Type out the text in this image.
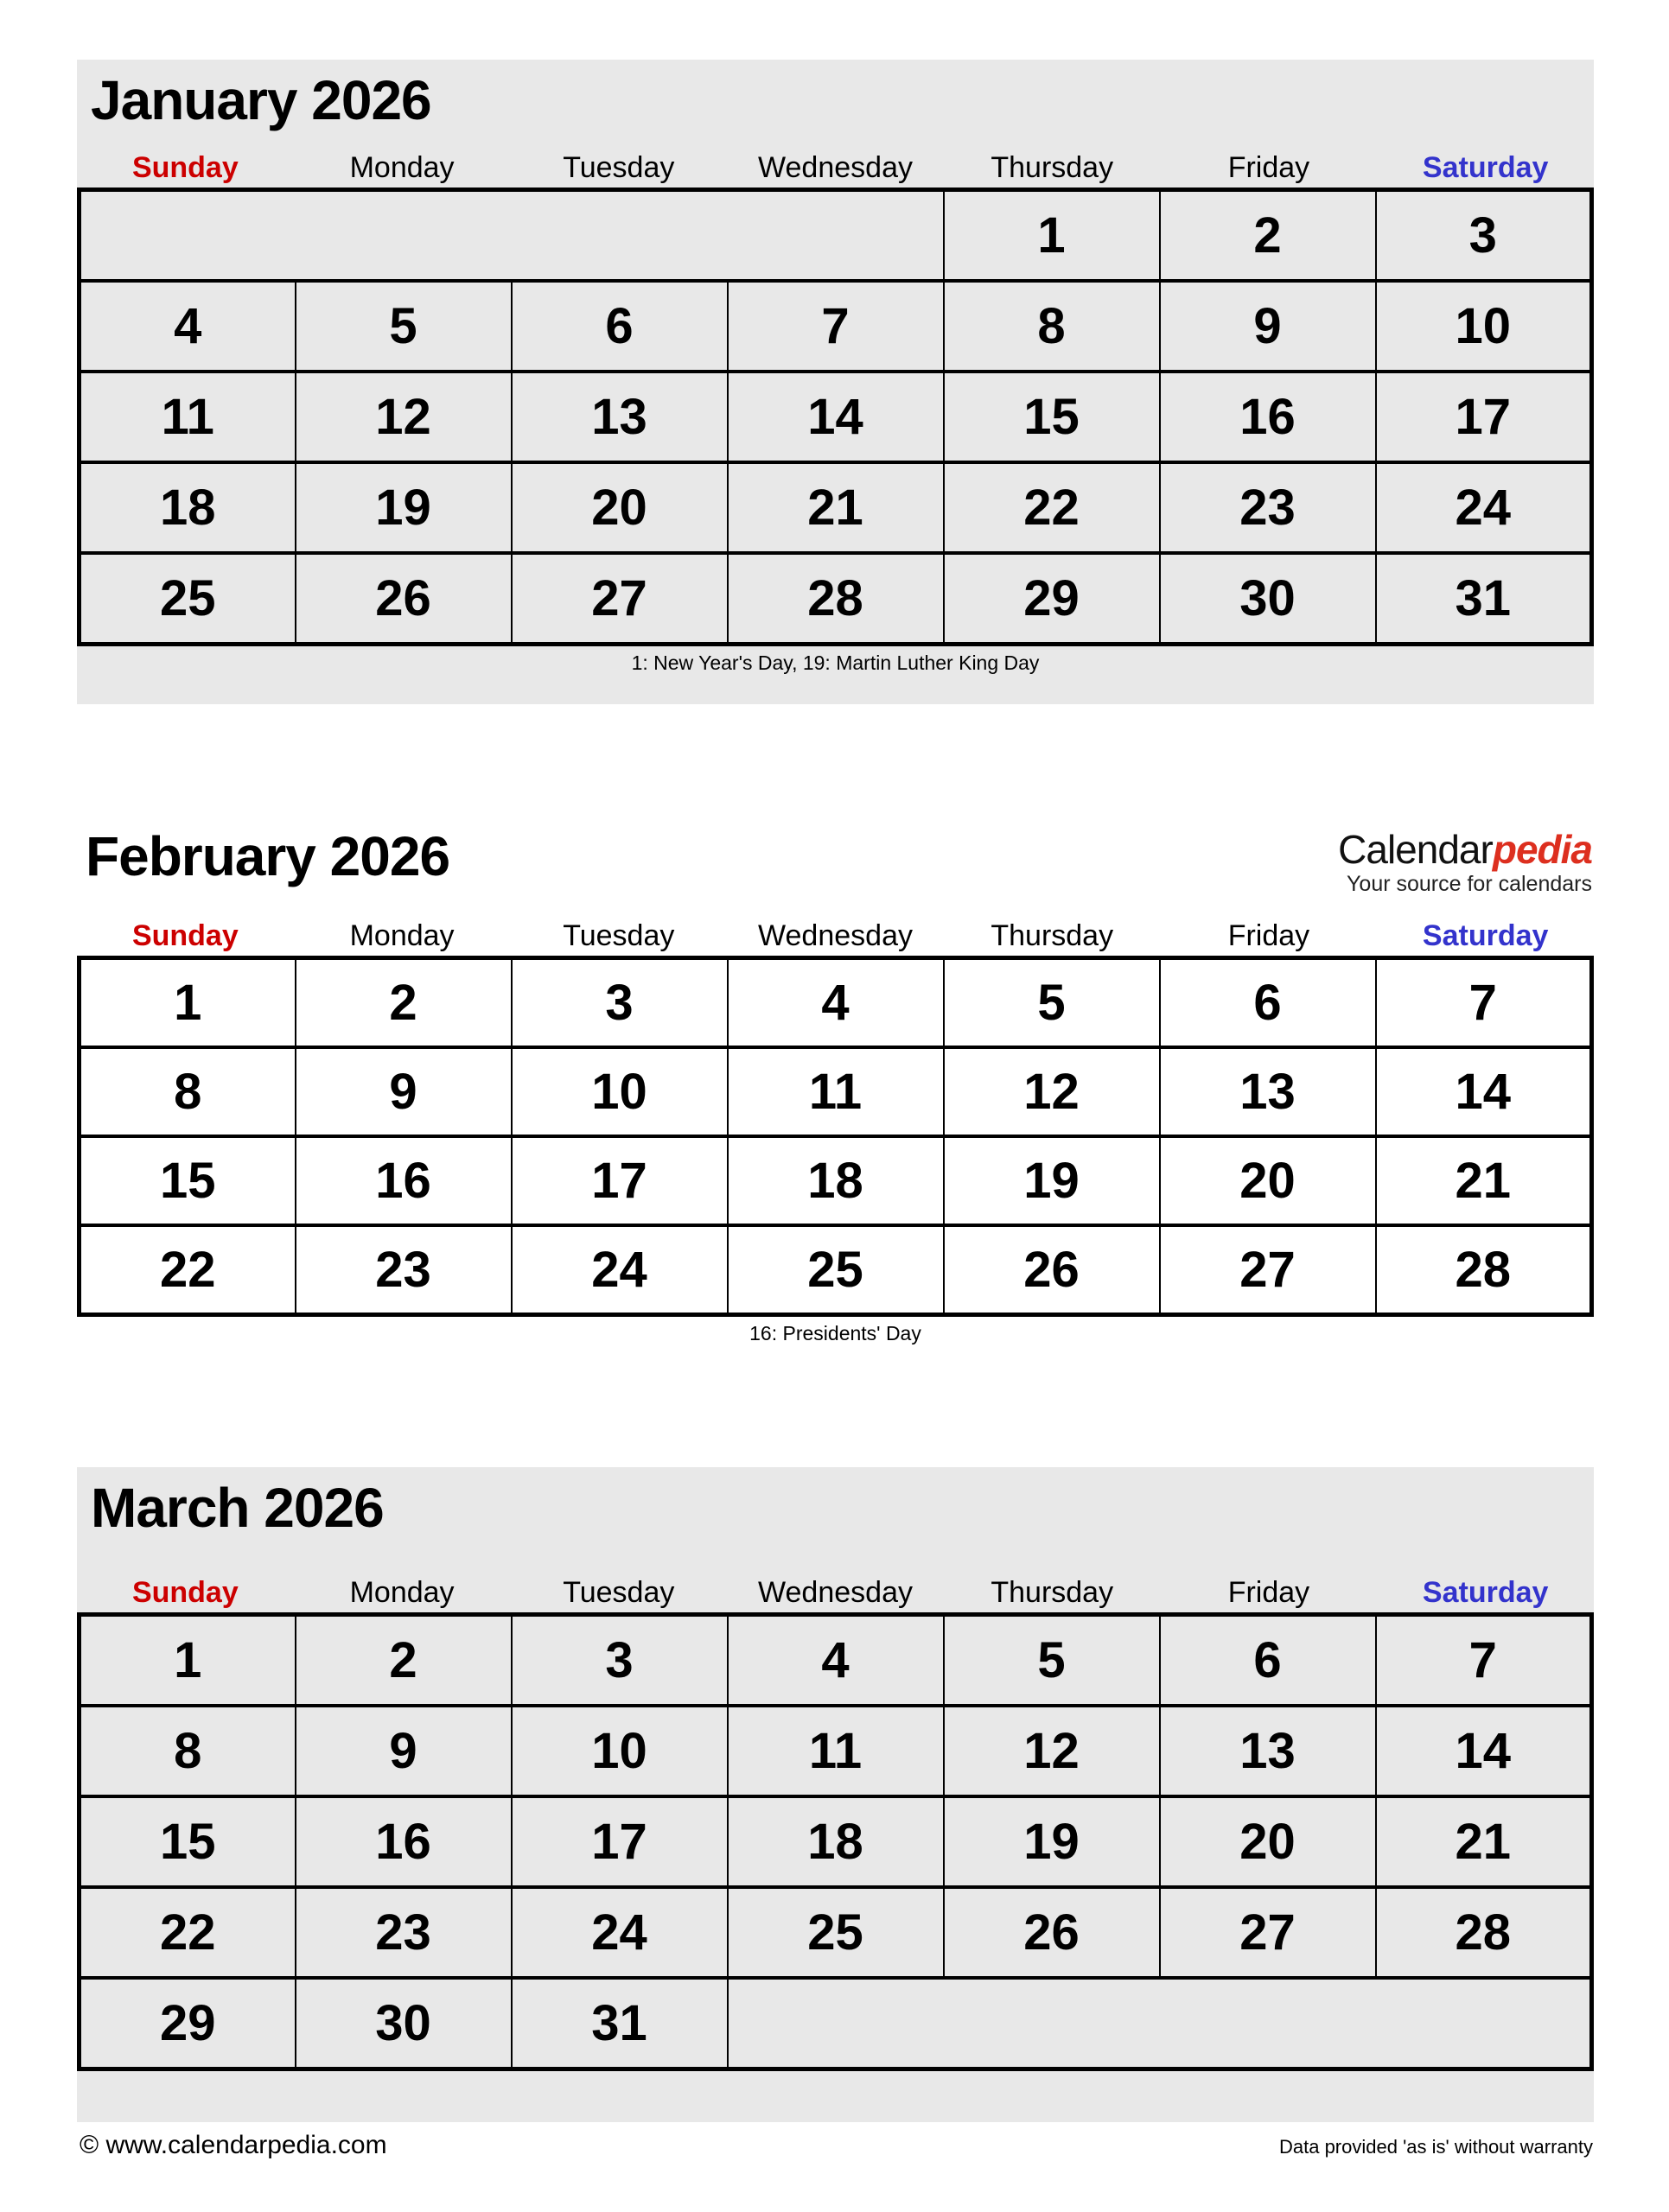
January 2026
Sunday	Monday	Tuesday	Wednesday	Thursday	Friday	Saturday
				1	2	3
4	5	6	7	8	9	10
11	12	13	14	15	16	17
18	19	20	21	22	23	24
25	26	27	28	29	30	31
1: New Year's Day, 19: Martin Luther King Day
Calendarpedia
Your source for calendars
February 2026
Sunday	Monday	Tuesday	Wednesday	Thursday	Friday	Saturday
1	2	3	4	5	6	7
8	9	10	11	12	13	14
15	16	17	18	19	20	21
22	23	24	25	26	27	28
16: Presidents' Day
March 2026
Sunday	Monday	Tuesday	Wednesday	Thursday	Friday	Saturday
1	2	3	4	5	6	7
8	9	10	11	12	13	14
15	16	17	18	19	20	21
22	23	24	25	26	27	28
29	30	31				
© www.calendarpedia.com	Data provided 'as is' without warranty
